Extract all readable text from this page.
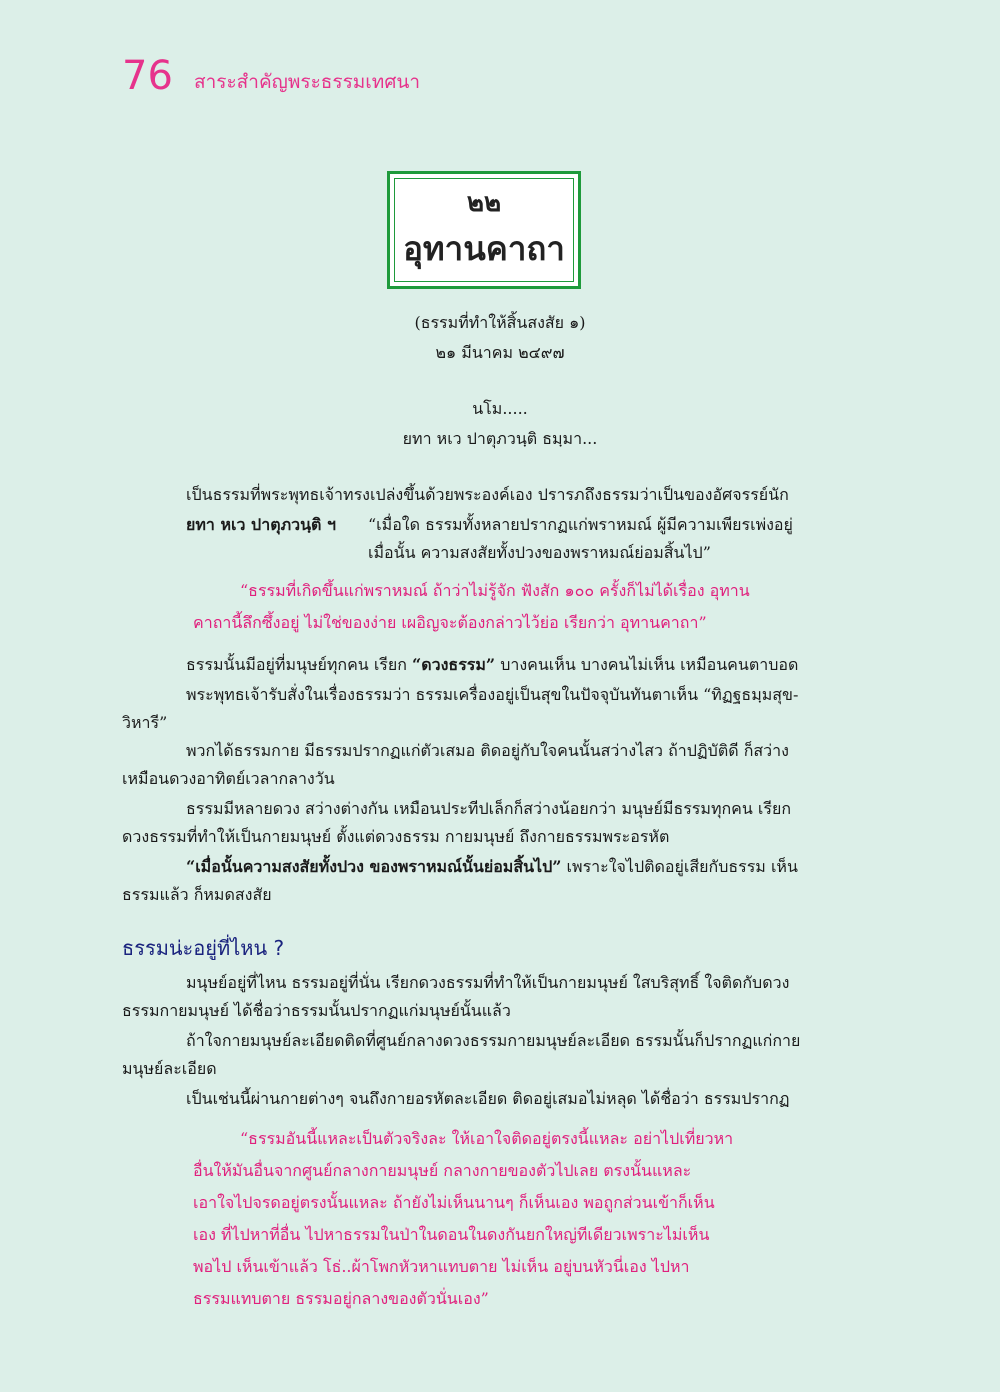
76 สาระสำคัญพระธรรมเทศนา
๒๒
อุทานคาถา
(ธรรมที่ทำให้สิ้นสงสัย ๑)
๒๑ มีนาคม ๒๔๙๗
นโม.....
ยทา หเว ปาตุภวนฺติ ธมฺมา...
เป็นธรรมที่พระพุทธเจ้าทรงเปล่งขึ้นด้วยพระองค์เอง ปรารภถึงธรรมว่าเป็นของอัศจรรย์นัก
ยทา หเว ปาตุภวนฺติ ฯ “เมื่อใด ธรรมทั้งหลายปรากฏแก่พราหมณ์ ผู้มีความเพียรเพ่งอยู่
เมื่อนั้น ความสงสัยทั้งปวงของพราหมณ์ย่อมสิ้นไป”
“ธรรมที่เกิดขึ้นแก่พราหมณ์ ถ้าว่าไม่รู้จัก ฟังสัก ๑๐๐ ครั้งก็ไม่ได้เรื่อง อุทาน
คาถานี้ลึกซึ้งอยู่ ไม่ใช่ของง่าย เผอิญจะต้องกล่าวไว้ย่อ เรียกว่า อุทานคาถา”
ธรรมนั้นมีอยู่ที่มนุษย์ทุกคน เรียก “ดวงธรรม” บางคนเห็น บางคนไม่เห็น เหมือนคนตาบอด
พระพุทธเจ้ารับสั่งในเรื่องธรรมว่า ธรรมเครื่องอยู่เป็นสุขในปัจจุบันทันตาเห็น “ทิฏฐธมฺมสุข-
วิหารี”
พวกได้ธรรมกาย มีธรรมปรากฏแก่ตัวเสมอ ติดอยู่กับใจคนนั้นสว่างไสว ถ้าปฏิบัติดี ก็สว่าง
เหมือนดวงอาทิตย์เวลากลางวัน
ธรรมมีหลายดวง สว่างต่างกัน เหมือนประทีปเล็กก็สว่างน้อยกว่า มนุษย์มีธรรมทุกคน เรียก
ดวงธรรมที่ทำให้เป็นกายมนุษย์ ตั้งแต่ดวงธรรม กายมนุษย์ ถึงกายธรรมพระอรหัต
“เมื่อนั้นความสงสัยทั้งปวง ของพราหมณ์นั้นย่อมสิ้นไป” เพราะใจไปติดอยู่เสียกับธรรม เห็น
ธรรมแล้ว ก็หมดสงสัย
ธรรมน่ะอยู่ที่ไหน ?
มนุษย์อยู่ที่ไหน ธรรมอยู่ที่นั่น เรียกดวงธรรมที่ทำให้เป็นกายมนุษย์ ใสบริสุทธิ์ ใจติดกับดวง
ธรรมกายมนุษย์ ได้ชื่อว่าธรรมนั้นปรากฏแก่มนุษย์นั้นแล้ว
ถ้าใจกายมนุษย์ละเอียดติดที่ศูนย์กลางดวงธรรมกายมนุษย์ละเอียด ธรรมนั้นก็ปรากฏแก่กาย
มนุษย์ละเอียด
เป็นเช่นนี้ผ่านกายต่างๆ จนถึงกายอรหัตละเอียด ติดอยู่เสมอไม่หลุด ได้ชื่อว่า ธรรมปรากฏ
“ธรรมอันนี้แหละเป็นตัวจริงละ ให้เอาใจติดอยู่ตรงนี้แหละ อย่าไปเที่ยวหา
อื่นให้มันอื่นจากศูนย์กลางกายมนุษย์ กลางกายของตัวไปเลย ตรงนั้นแหละ
เอาใจไปจรดอยู่ตรงนั้นแหละ ถ้ายังไม่เห็นนานๆ ก็เห็นเอง พอถูกส่วนเข้าก็เห็น
เอง ที่ไปหาที่อื่น ไปหาธรรมในป่าในดอนในดงกันยกใหญ่ทีเดียวเพราะไม่เห็น
พอไป เห็นเข้าแล้ว โธ่..ผ้าโพกหัวหาแทบตาย ไม่เห็น อยู่บนหัวนี่เอง ไปหา
ธรรมแทบตาย ธรรมอยู่กลางของตัวนั่นเอง”
